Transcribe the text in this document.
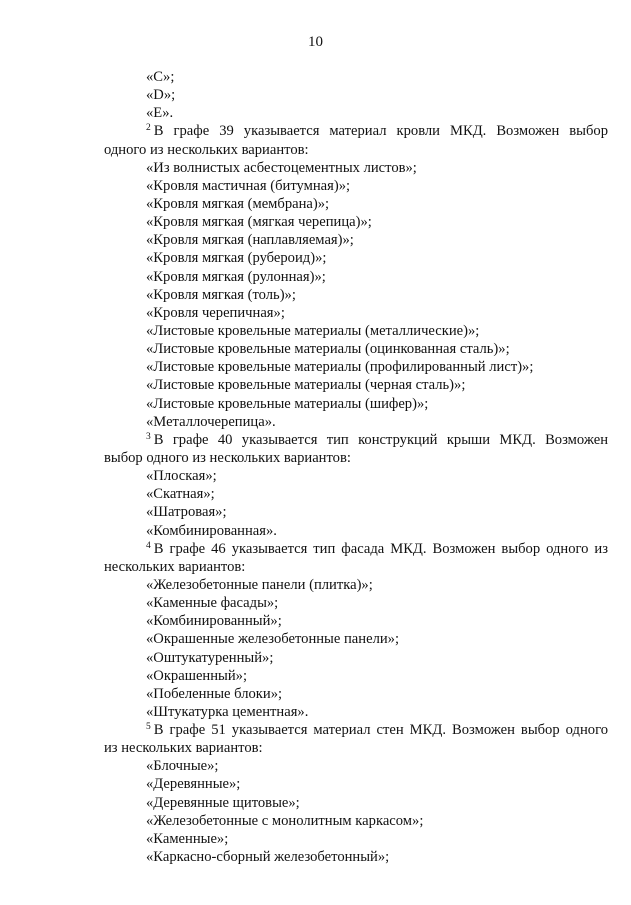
10
«С»;
«D»;
«Е».
$^2$ В графе 39 указывается материал кровли МКД. Возможен выбор
одного из нескольких вариантов:
«Из волнистых асбестоцементных листов»;
«Кровля мастичная (битумная)»;
«Кровля мягкая (мембрана)»;
«Кровля мягкая (мягкая черепица)»;
«Кровля мягкая (наплавляемая)»;
«Кровля мягкая (рубероид)»;
«Кровля мягкая (рулонная)»;
«Кровля мягкая (толь)»;
«Кровля черепичная»;
«Листовые кровельные материалы (металлические)»;
«Листовые кровельные материалы (оцинкованная сталь)»;
«Листовые кровельные материалы (профилированный лист)»;
«Листовые кровельные материалы (черная сталь)»;
«Листовые кровельные материалы (шифер)»;
«Металлочерепица».
$^3$ В графе 40 указывается тип конструкций крыши МКД. Возможен
выбор одного из нескольких вариантов:
«Плоская»;
«Скатная»;
«Шатровая»;
«Комбинированная».
$^4$ В графе 46 указывается тип фасада МКД. Возможен выбор одного из
нескольких вариантов:
«Железобетонные панели (плитка)»;
«Каменные фасады»;
«Комбинированный»;
«Окрашенные железобетонные панели»;
«Оштукатуренный»;
«Окрашенный»;
«Побеленные блоки»;
«Штукатурка цементная».
$^5$ В графе 51 указывается материал стен МКД. Возможен выбор одного
из нескольких вариантов:
«Блочные»;
«Деревянные»;
«Деревянные щитовые»;
«Железобетонные с монолитным каркасом»;
«Каменные»;
«Каркасно-сборный железобетонный»;
